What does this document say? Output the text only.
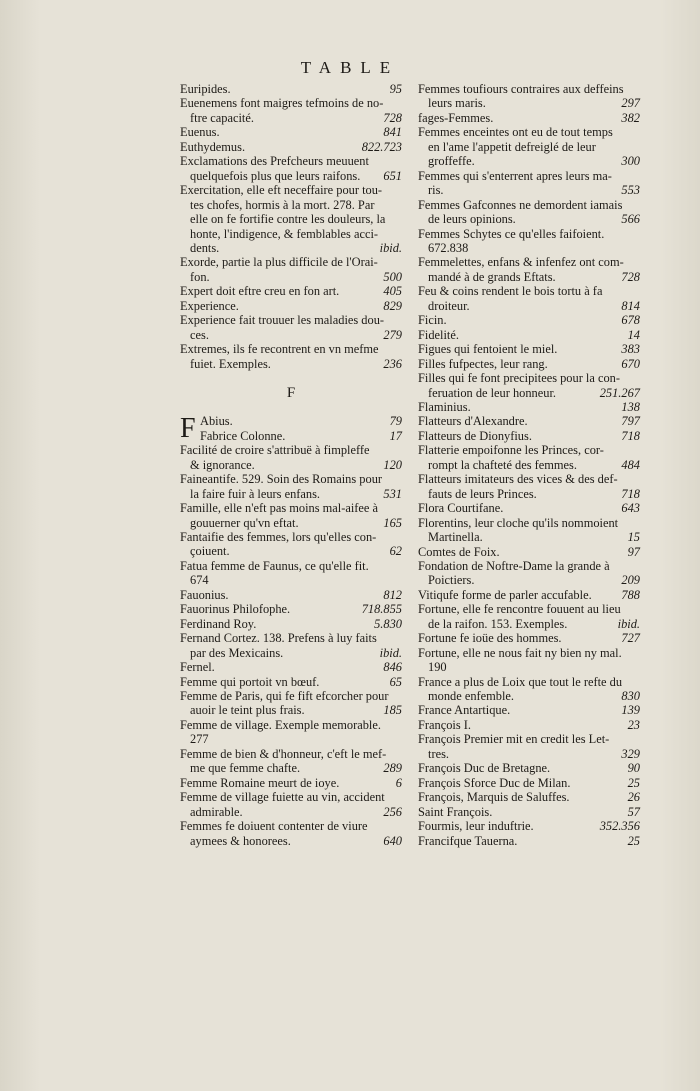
TABLE
Euripides.	95
Euenemens font maigres tefmoins de no-
ftre capacité.	728
Euenus.	841
Euthydemus.	822.723
Exclamations des Prefcheurs meuuent
quelquefois plus que leurs raifons.	651
Exercitation, elle eft neceffaire pour tou-
tes chofes, hormis à la mort. 278. Par
elle on fe fortifie contre les douleurs, la
honte, l'indigence, & femblables acci-
dents.	ibid.
Exorde, partie la plus difficile de l'Orai-
fon.	500
Expert doit eftre creu en fon art.	405
Experience.	829
Experience fait trouuer les maladies dou-
ces.	279
Extremes, ils fe recontrent en vn mefme
fuiet. Exemples.	236
F
F Abius.	79
Fabrice Colonne.	17
Facilité de croire s'attribuë à fimpleffe
& ignorance.	120
Faineantife. 529. Soin des Romains pour
la faire fuir à leurs enfans.	531
Famille, elle n'eft pas moins mal-aifee à
gouuerner qu'vn eftat.	165
Fantaifie des femmes, lors qu'elles con-
çoiuent.	62
Fatua femme de Faunus, ce qu'elle fit.
674
Fauonius.	812
Fauorinus Philofophe.	718.855
Ferdinand Roy.	5.830
Fernand Cortez. 138. Prefens à luy faits
par des Mexicains.	ibid.
Fernel.	846
Femme qui portoit vn bœuf.	65
Femme de Paris, qui fe fift efcorcher pour
auoir le teint plus frais.	185
Femme de village. Exemple memorable.
277
Femme de bien & d'honneur, c'eft le mef-
me que femme chafte.	289
Femme Romaine meurt de ioye.	6
Femme de village fuiette au vin, accident
admirable.	256
Femmes fe doiuent contenter de viure
aymees & honorees.	640
Femmes toufiours contraires aux deffeins
leurs maris.	297
fages-Femmes.	382
Femmes enceintes ont eu de tout temps
en l'ame l'appetit defreiglé de leur
groffeffe.	300
Femmes qui s'enterrent apres leurs ma-
ris.	553
Femmes Gafconnes ne demordent iamais
de leurs opinions.	566
Femmes Schytes ce qu'elles faifoient.
672.838
Femmelettes, enfans & infenfez ont com-
mandé à de grands Eftats.	728
Feu & coins rendent le bois tortu à fa
droiteur.	814
Ficin.	678
Fidelité.	14
Figues qui fentoient le miel.	383
Filles fufpectes, leur rang.	670
Filles qui fe font precipitees pour la con-
feruation de leur honneur.	251.267
Flaminius.	138
Flatteurs d'Alexandre.	797
Flatteurs de Dionyfius.	718
Flatterie empoifonne les Princes, cor-
rompt la chafteté des femmes.	484
Flatteurs imitateurs des vices & des def-
fauts de leurs Princes.	718
Flora Courtifane.	643
Florentins, leur cloche qu'ils nommoient
Martinella.	15
Comtes de Foix.	97
Fondation de Noftre-Dame la grande à
Poictiers.	209
Vitiqufe forme de parler accufable.	788
Fortune, elle fe rencontre fouuent au lieu
de la raifon. 153. Exemples.	ibid.
Fortune fe ioüe des hommes.	727
Fortune, elle ne nous fait ny bien ny mal.
190
France a plus de Loix que tout le refte du
monde enfemble.	830
France Antartique.	139
François I.	23
François Premier mit en credit les Let-
tres.	329
François Duc de Bretagne.	90
François Sforce Duc de Milan.	25
François, Marquis de Saluffes.	26
Saint François.	57
Fourmis, leur induftrie.	352.356
Francifque Tauerna.	25
